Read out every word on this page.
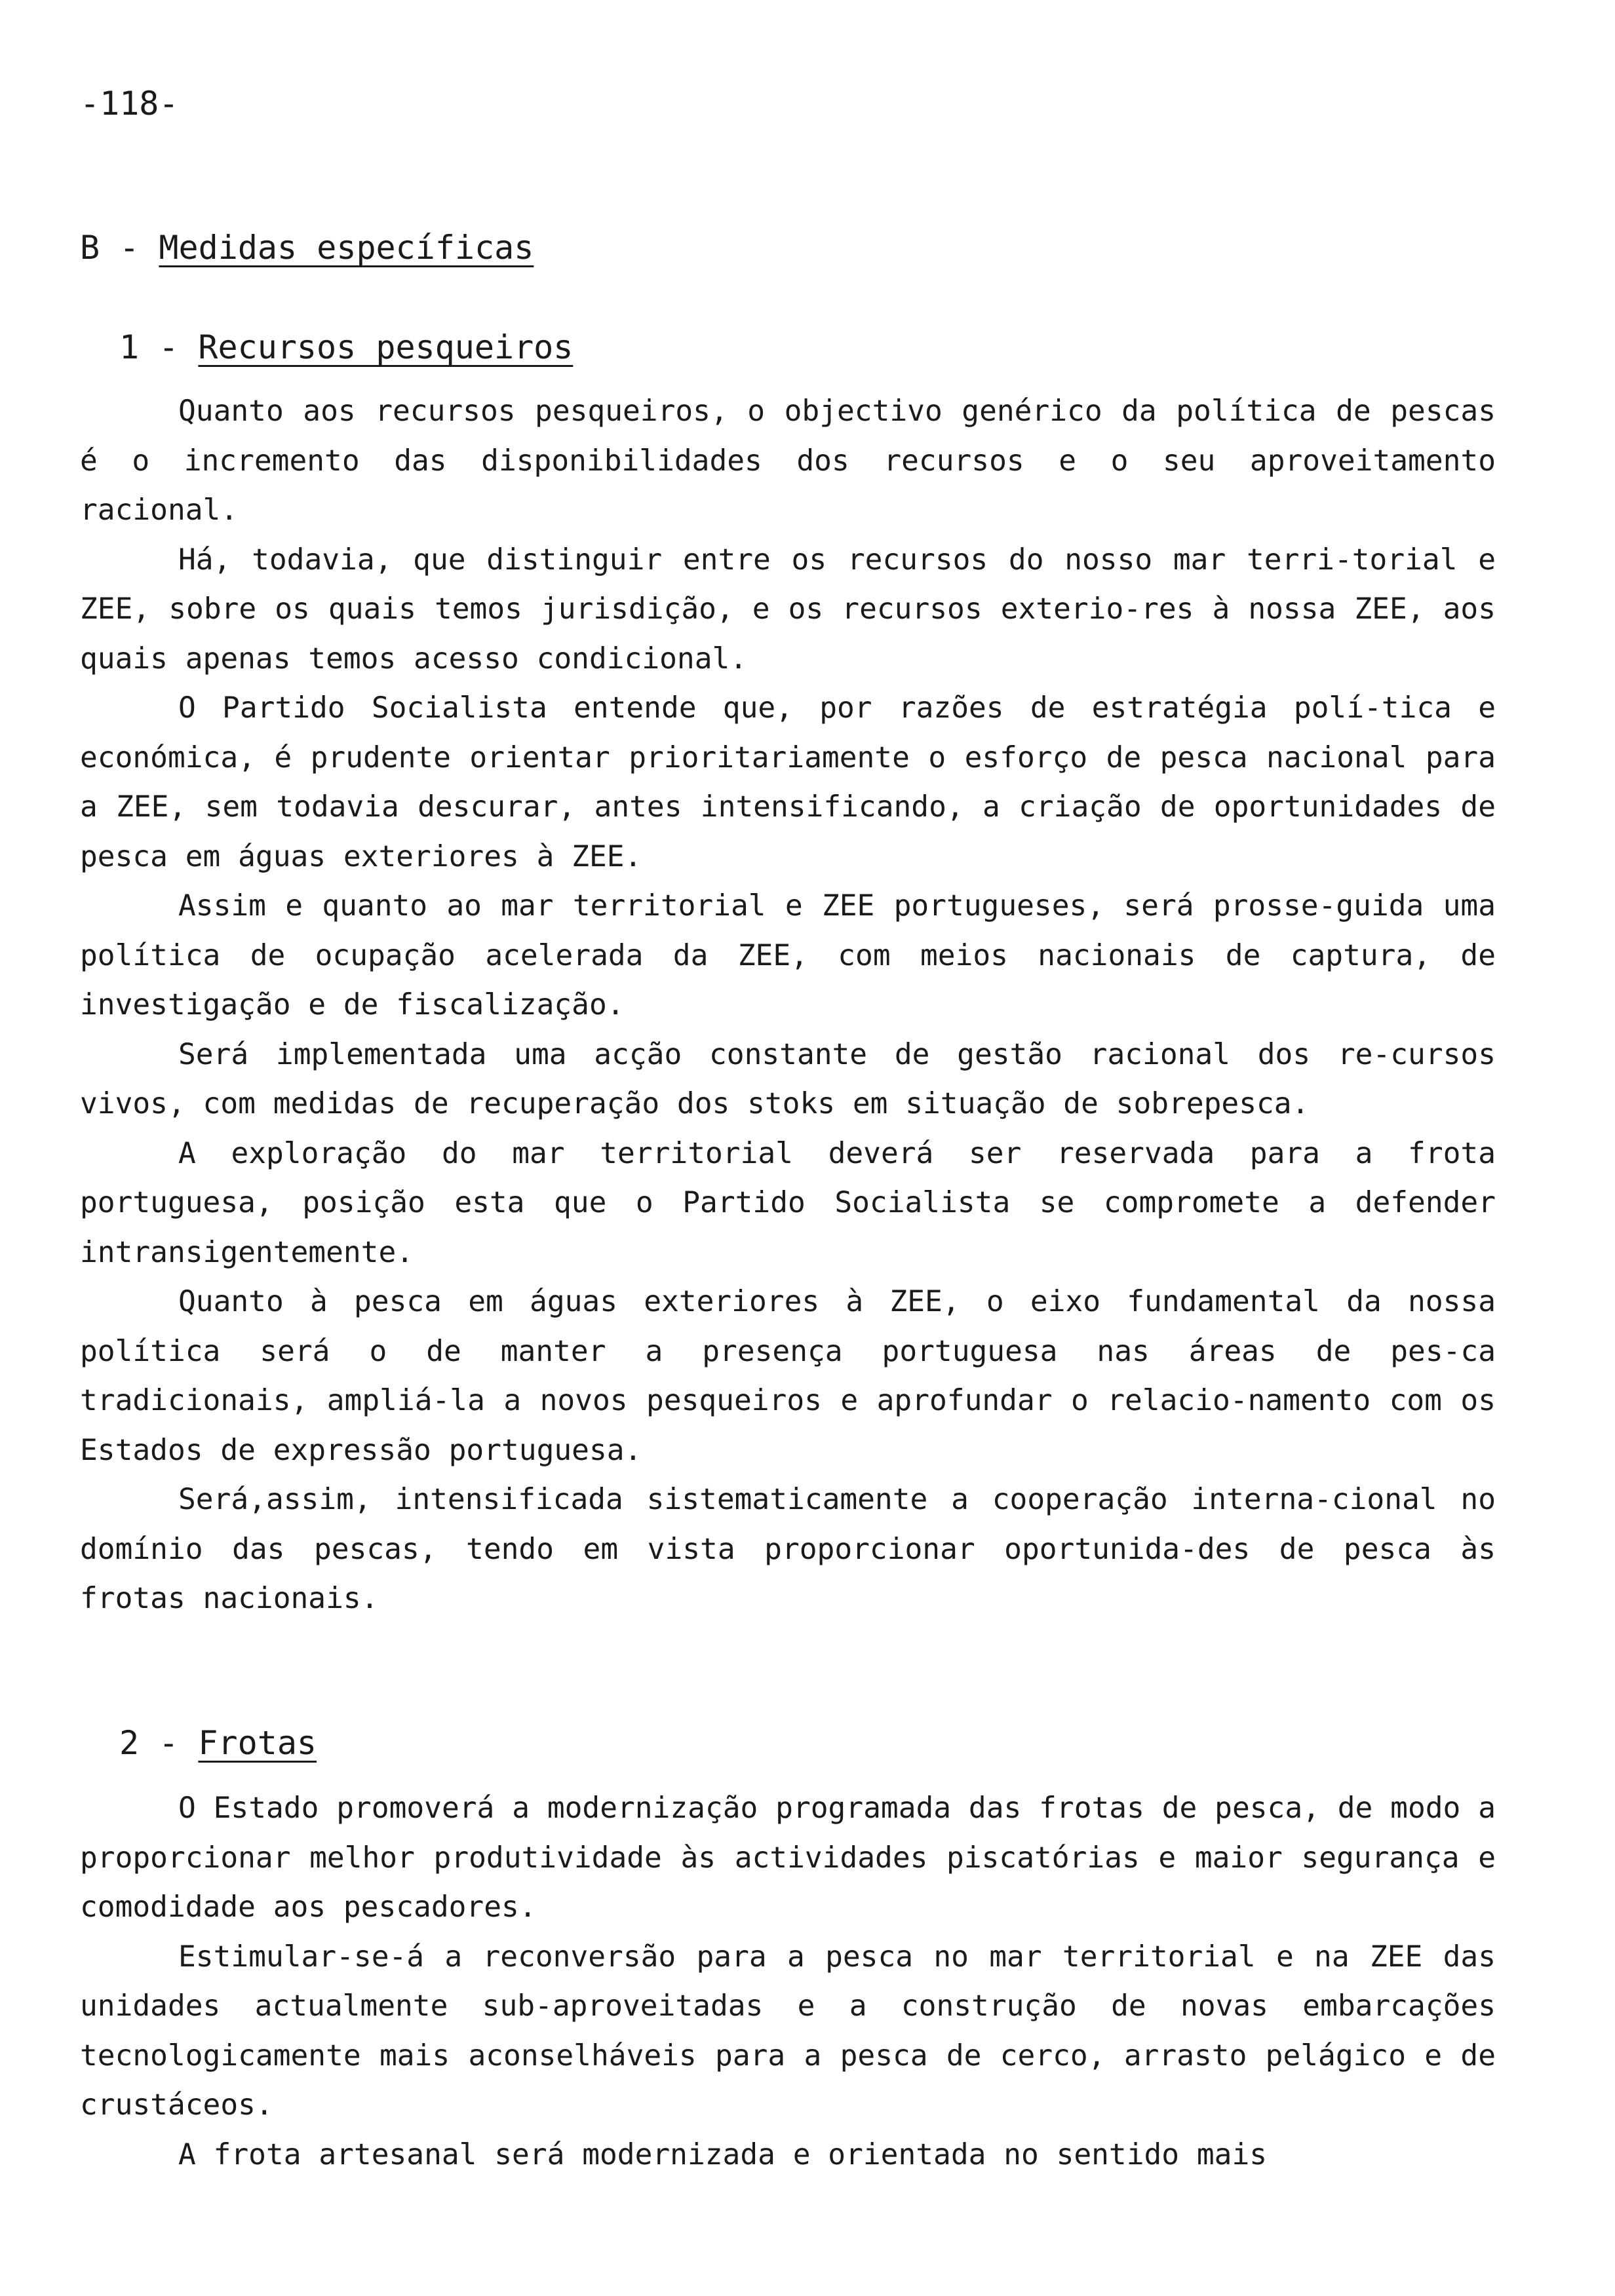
-118-

B - Medidas específicas
1 - Recursos pesqueiros

Quanto aos recursos pesqueiros, o objectivo genérico da política de pescas é o incremento das disponibilidades dos recursos e o seu aproveitamento racional.

Há, todavia, que distinguir entre os recursos do nosso mar terri-torial e ZEE, sobre os quais temos jurisdição, e os recursos exterio-res à nossa ZEE, aos quais apenas temos acesso condicional.

O Partido Socialista entende que, por razões de estratégia polí-tica e económica, é prudente orientar prioritariamente o esforço de pesca nacional para a ZEE, sem todavia descurar, antes intensificando, a criação de oportunidades de pesca em águas exteriores à ZEE.

Assim e quanto ao mar territorial e ZEE portugueses, será prosse-guida uma política de ocupação acelerada da ZEE, com meios nacionais de captura, de investigação e de fiscalização.

Será implementada uma acção constante de gestão racional dos re-cursos vivos, com medidas de recuperação dos stoks em situação de sobrepesca.

A exploração do mar territorial deverá ser reservada para a frota portuguesa, posição esta que o Partido Socialista se compromete a defender intransigentemente.

Quanto à pesca em águas exteriores à ZEE, o eixo fundamental da nossa política será o de manter a presença portuguesa nas áreas de pes-ca tradicionais, ampliá-la a novos pesqueiros e aprofundar o relacio-namento com os Estados de expressão portuguesa.

Será,assim, intensificada sistematicamente a cooperação interna-cional no domínio das pescas, tendo em vista proporcionar oportunida-des de pesca às frotas nacionais.

2 - Frotas

O Estado promoverá a modernização programada das frotas de pesca, de modo a proporcionar melhor produtividade às actividades piscatórias e maior segurança e comodidade aos pescadores.

Estimular-se-á a reconversão para a pesca no mar territorial e na ZEE das unidades actualmente sub-aproveitadas e a construção de novas embarcações tecnologicamente mais aconselháveis para a pesca de cerco, arrasto pelágico e de crustáceos.

A frota artesanal será modernizada e orientada no sentido mais
